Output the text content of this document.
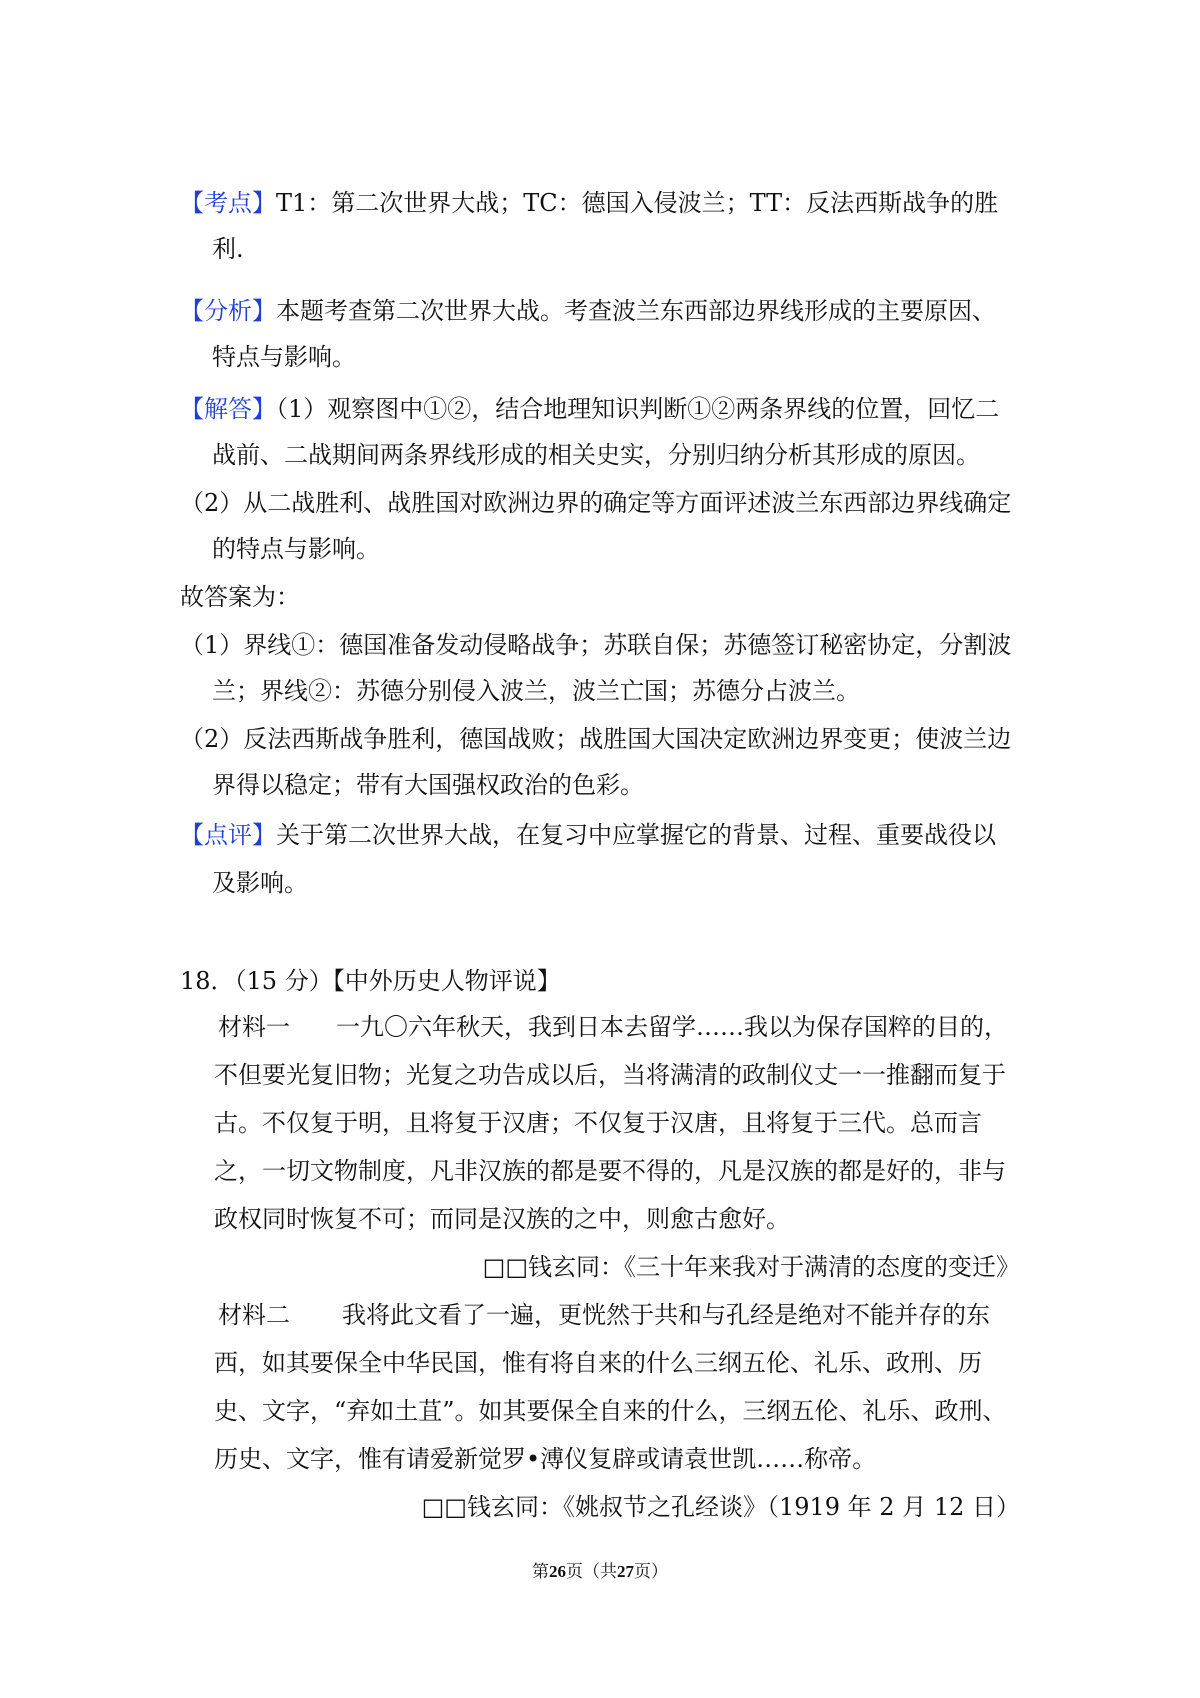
【考点】T1：第二次世界大战；TC：德国入侵波兰；TT：反法西斯战争的胜
利.
【分析】本题考查第二次世界大战。考查波兰东西部边界线形成的主要原因、
特点与影响。
【解答】（1）观察图中①②，结合地理知识判断①②两条界线的位置，回忆二
战前、二战期间两条界线形成的相关史实，分别归纳分析其形成的原因。
（2）从二战胜利、战胜国对欧洲边界的确定等方面评述波兰东西部边界线确定
的特点与影响。
故答案为：
（1）界线①：德国准备发动侵略战争；苏联自保；苏德签订秘密协定，分割波
兰；界线②：苏德分别侵入波兰，波兰亡国；苏德分占波兰。
（2）反法西斯战争胜利，德国战败；战胜国大国决定欧洲边界变更；使波兰边
界得以稳定；带有大国强权政治的色彩。
【点评】关于第二次世界大战，在复习中应掌握它的背景、过程、重要战役以
及影响。
18．（15 分）【中外历史人物评说】
材料一 一九〇六年秋天，我到日本去留学……我以为保存国粹的目的，
不但要光复旧物；光复之功告成以后，当将满清的政制仪丈一一推翻而复于
古。不仅复于明，且将复于汉唐；不仅复于汉唐，且将复于三代。总而言
之，一切文物制度，凡非汉族的都是要不得的，凡是汉族的都是好的，非与
政权同时恢复不可；而同是汉族的之中，则愈古愈好。
□□钱玄同：《三十年来我对于满清的态度的变迁》
材料二 我将此文看了一遍，更恍然于共和与孔经是绝对不能并存的东
西，如其要保全中华民国，惟有将自来的什么三纲五伦、礼乐、政刑、历
史、文字，“弃如土苴”。如其要保全自来的什么，三纲五伦、礼乐、政刑、
历史、文字，惟有请爱新觉罗•溥仪复辟或请袁世凯……称帝。
□□钱玄同：《姚叔节之孔经谈》（1919 年 2 月 12 日）
第26页（共27页）
